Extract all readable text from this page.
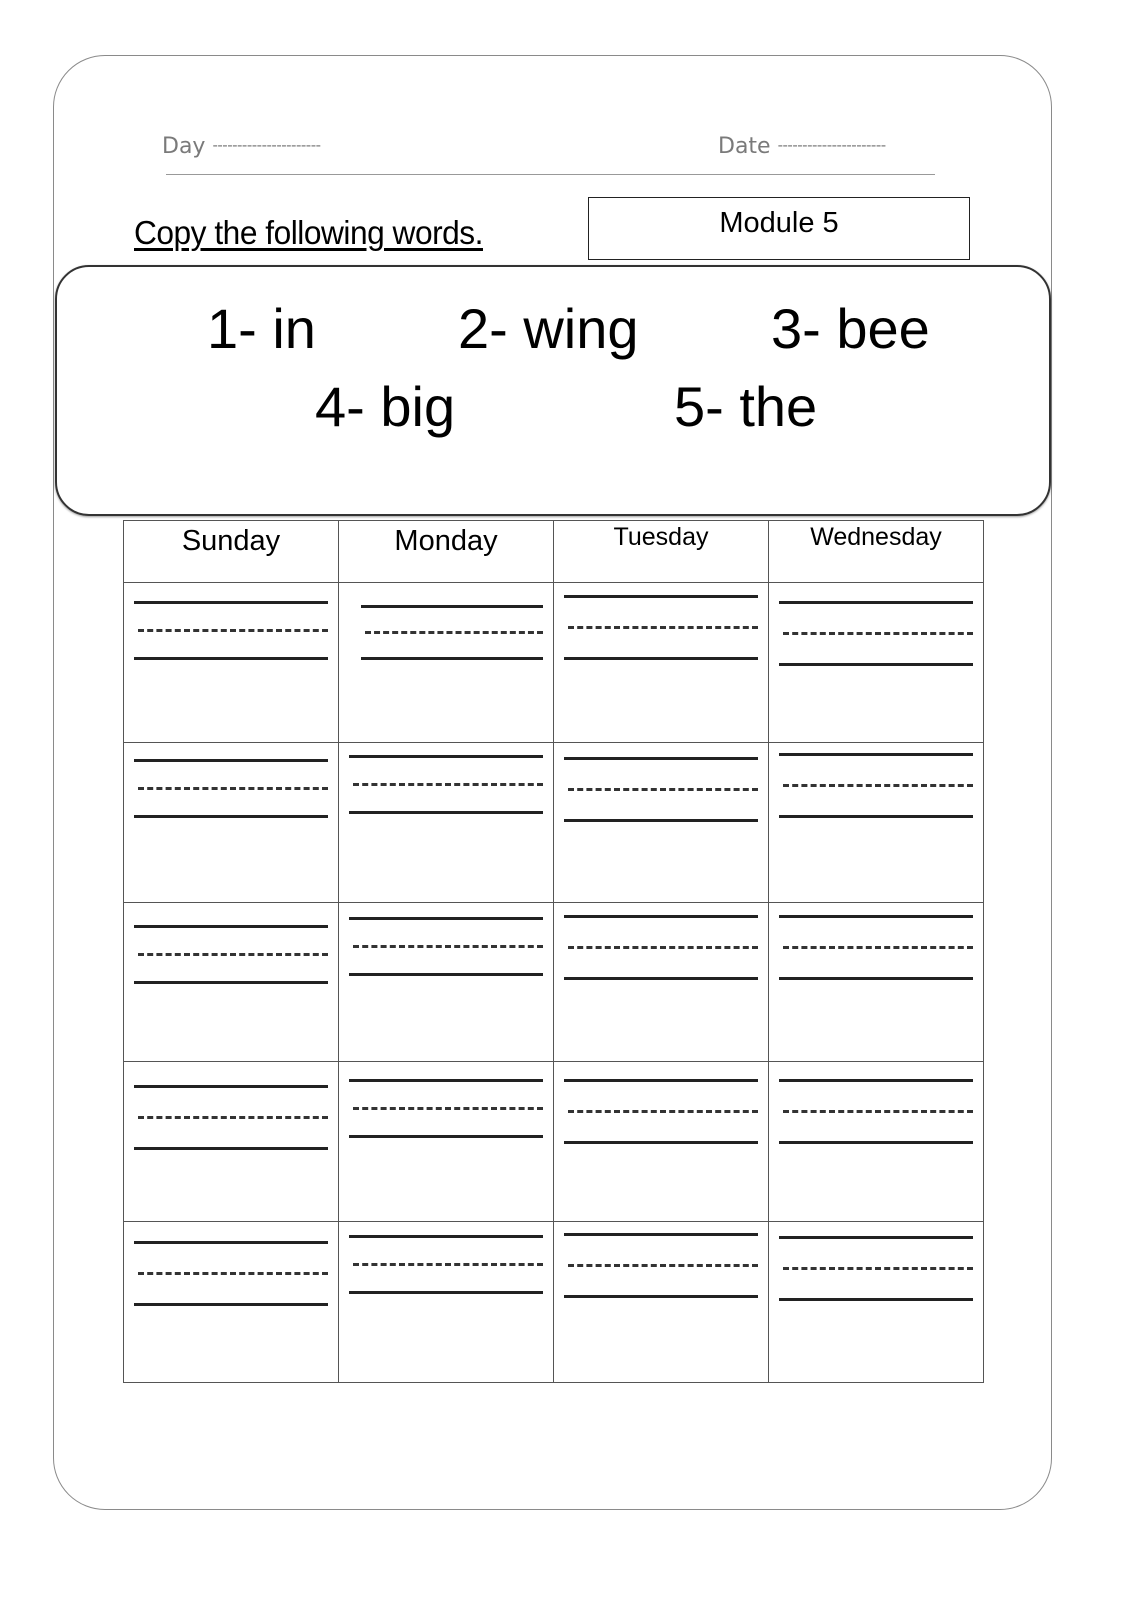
Day ----------------------	Date ----------------------
Copy the following words.	Module 5
1- in	2- wing 3- bee
4- big	5- the
Sunday	Monday	Tuesday	Wednesday
